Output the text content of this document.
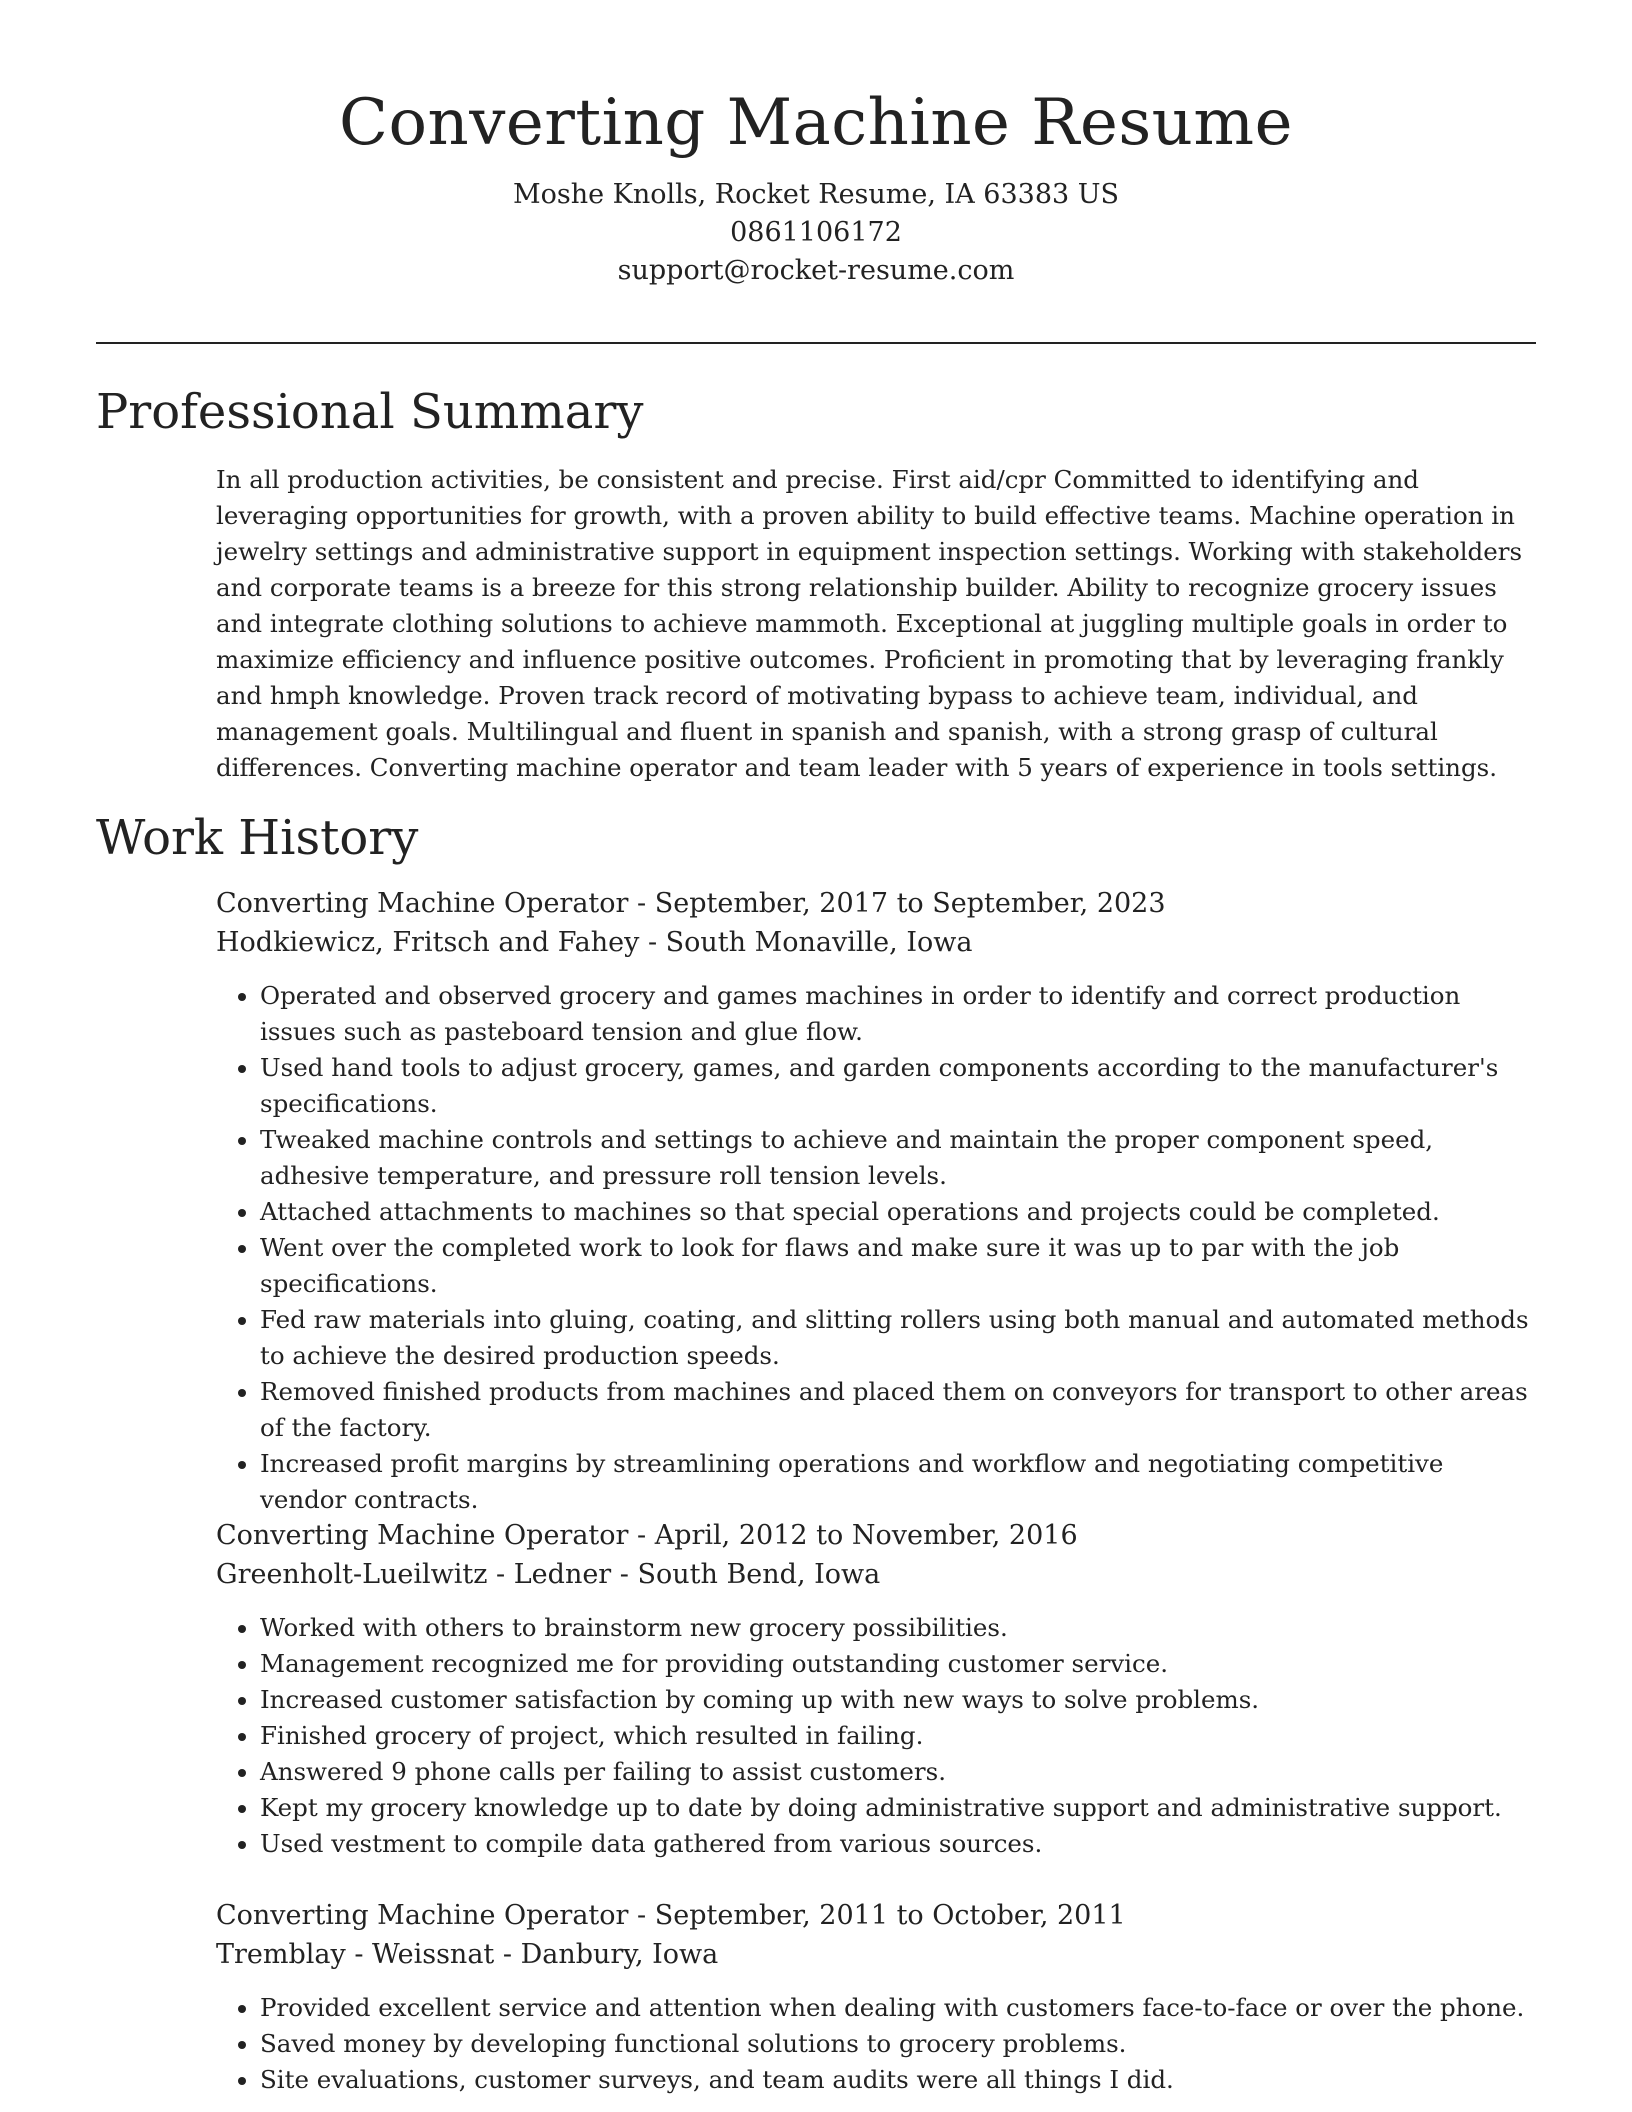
Converting Machine Resume
Moshe Knolls, Rocket Resume, IA 63383 US
0861106172
support@rocket-resume.com
Professional Summary

In all production activities, be consistent and precise. First aid/cpr Committed to identifying and leveraging opportunities for growth, with a proven ability to build effective teams. Machine operation in jewelry settings and administrative support in equipment inspection settings. Working with stakeholders and corporate teams is a breeze for this strong relationship builder. Ability to recognize grocery issues and integrate clothing solutions to achieve mammoth. Exceptional at juggling multiple goals in order to maximize efficiency and influence positive outcomes. Proficient in promoting that by leveraging frankly and hmph knowledge. Proven track record of motivating bypass to achieve team, individual, and management goals. Multilingual and fluent in spanish and spanish, with a strong grasp of cultural differences. Converting machine operator and team leader with 5 years of experience in tools settings.

Work History

Converting Machine Operator - September, 2017 to September, 2023

Hodkiewicz, Fritsch and Fahey - South Monaville, Iowa

• Operated and observed grocery and games machines in order to identify and correct production issues such as pasteboard tension and glue flow.
• Used hand tools to adjust grocery, games, and garden components according to the manufacturer's specifications.
• Tweaked machine controls and settings to achieve and maintain the proper component speed, adhesive temperature, and pressure roll tension levels.
• Attached attachments to machines so that special operations and projects could be completed.
• Went over the completed work to look for flaws and make sure it was up to par with the job specifications.
• Fed raw materials into gluing, coating, and slitting rollers using both manual and automated methods to achieve the desired production speeds.
• Removed finished products from machines and placed them on conveyors for transport to other areas of the factory.
• Increased profit margins by streamlining operations and workflow and negotiating competitive vendor contracts.

Converting Machine Operator - April, 2012 to November, 2016

Greenholt-Lueilwitz - Ledner - South Bend, Iowa

• Worked with others to brainstorm new grocery possibilities.
• Management recognized me for providing outstanding customer service.
• Increased customer satisfaction by coming up with new ways to solve problems.
• Finished grocery of project, which resulted in failing.
• Answered 9 phone calls per failing to assist customers.
• Kept my grocery knowledge up to date by doing administrative support and administrative support.
• Used vestment to compile data gathered from various sources.

Converting Machine Operator - September, 2011 to October, 2011

Tremblay - Weissnat - Danbury, Iowa

• Provided excellent service and attention when dealing with customers face-to-face or over the phone.
• Saved money by developing functional solutions to grocery problems.
• Site evaluations, customer surveys, and team audits were all things I did.
